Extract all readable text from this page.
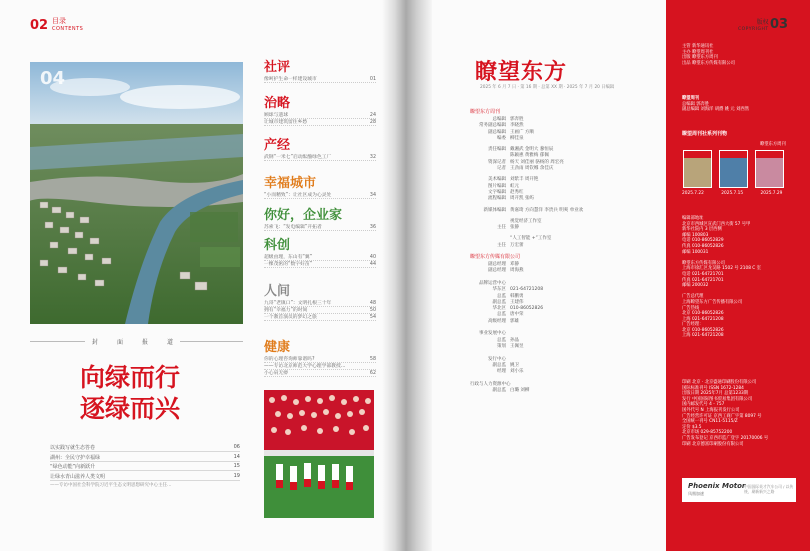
02 目录
CONTENTS
04
封	面	报	道
向绿而行
逐绿而兴
以实践写就生态答卷	06
湖州：全民守护幸福绿	14
“绿色动能”向新跃升	15
让绿水青山滋养人类文明	19
——专访中国社会科学院习近平生态文明思想研究中心主任…
社评
像呵护生命一样建设城市	01
治略
顾球与遗球	24
让城市建筑留住乡愁	28
产经
武钢“一米七”启动酝酿绿色工厂	32
幸福城市
“小而精致”：让社区成为心灵处	34
你好，企业家
苏索飞：“发电编辑”开拓者	36
科创
超级由理，东山有“翼”	40
一棵茂密的“数字好苗”	44
人间
九哥“老镇口”：文明扎根三十年	48
拥有“幸福力”的时间	50
一个教首演员的梦幻之旅	54
健康
你的心理咨询师靠谱吗?	58
——专访北京师范大学心理学部教授…
小心肩无痹	62
瞭望东方
2025 年 6 月 7 日 · 第 16 期 · 总第 XX 期 · 2025 年 7 月 20 日编辑
瞭望东方周刊
总编辑 郭奔胜
常务副总编辑 李晓然
副总编辑 王画广 方顺
编委 柳佳泉
责任编辑 戴湘武 金明大 蓼恒辰
陈颖惠 黄雅梅 郁佩
资深记者 杨天 刘佳丽 骆杨的 周宏亮
记者 王劲雨 周钦娜 余佳庆
美术编辑 刘紫丰 周开艳
图片编辑 虹元
文字编辑 赵秀红
流程编辑 周开凯 张屿
新媒体编辑 黄嘉琦 方向慧洋 李贵兵 明爽 单业欢
视觉经济工作室
主任 张静
“人工智能 +”工作室
主任 万宏蕾
瞭望东方传媒有限公司
副总经理 邓静
副总经理 周海燕
品牌运营中心
华东区 021-64721208
总监 韩鹏勇
副总监 王建伟
华北区 010-86052826
总监 唐中荣
高级经理 郭雄
事业发展中心
总监 孙晶
策划 王佩昱
发行中心
副总监 姚卫
经理 刘小乐
行政与人力资源中心
副总监 白璐 刘柳
版权
COPYRIGHT 03
主管 新华通讯社
主办 瞭望周刊社
出版 瞭望东方周刊
出品 瞭望东方传媒有限公司
瞭望周刊
总编辑 郭奔胜
副总编辑 刘海洋 胡爵 姚 元 刘西然
瞭望周刊社系列刊物
2025.7.22	2025.7.15	2025.7.29
瞭望东方周刊
编辑部地址
北京市西城区宣武门西大街 57 号甲
新华社院内 3 层西侧
邮编 100803
电话 010-86052829
传真 010-86052826
邮编 100031
瞭望东方传媒有限公司
上海市徐汇区龙吴路 1502 号 2108 C 室
电话 021-64721701
传真 021-64721701
邮编 200032
广告总代理
上海瞭望东方广告传播有限公司
广告热线
北京 010-86052826
上海 021-64721208
广告经理：
北京 010-86052826
上海 021-64721208
印刷 北京 · 北京盛通印刷股份有限公司
国际标准刊号 ISSN 1672-1284
出版日期 2025年7月 总第1233期
发行 中国国际图书贸易集团有限公司
国内邮发代号 4 - 757
国外代号 N 上海报刊发行公司
广告经营许可证 京西工商广字第 8097 号
全国统一刊号 CN11-5115/Z
定价 $3.5
北京市场 029-85752200
广告发布登记 京西市监广登字 20170006 号
印刷 北京德富印刷股份有限公司
Phoenix Motor
凤凰加速
中国国际英才汽车公司 / 以传统，刷新新兴之路
